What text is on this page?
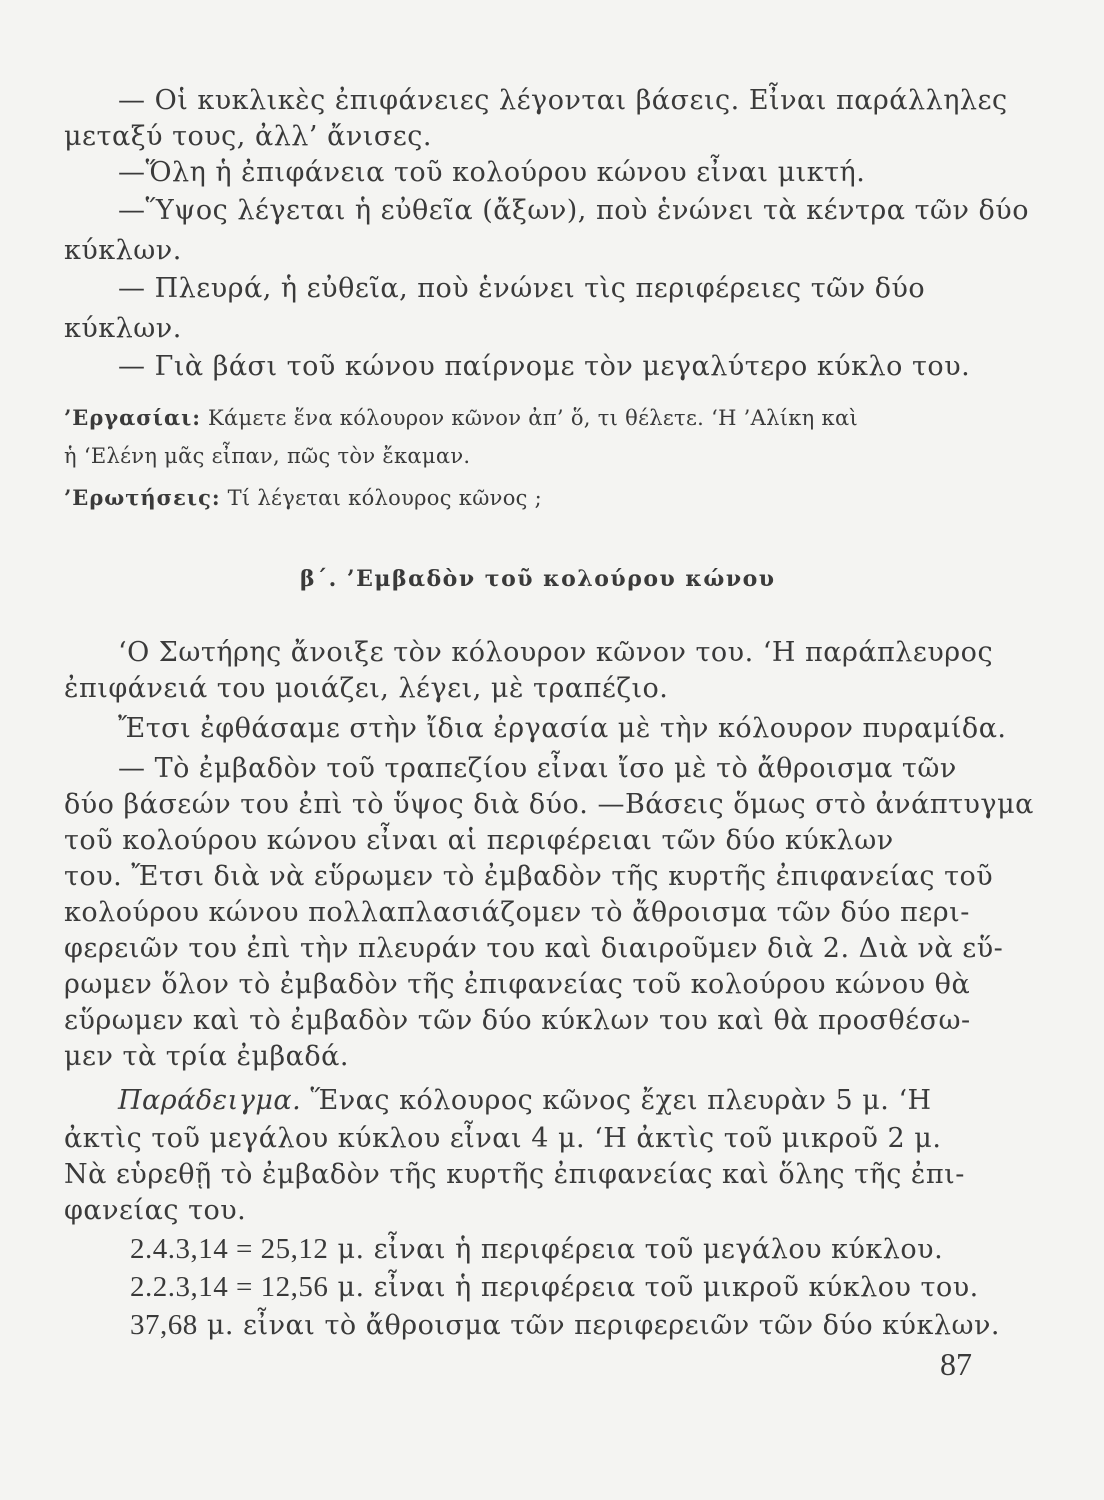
— Οἱ κυκλικὲς ἐπιφάνειες λέγονται βάσεις. Εἶναι παράλληλες
μεταξύ τους, ἀλλ’ ἄνισες.
—Ὅλη ἡ ἐπιφάνεια τοῦ κολούρου κώνου εἶναι μικτή.
—Ὕψος λέγεται ἡ εὐθεῖα (ἄξων), ποὺ ἑνώνει τὰ κέντρα τῶν δύο
κύκλων.
— Πλευρά, ἡ εὐθεῖα, ποὺ ἑνώνει τὶς περιφέρειες τῶν δύο
κύκλων.
— Γιὰ βάσι τοῦ κώνου παίρνομε τὸν μεγαλύτερο κύκλο του.
’Εργασίαι: Κάμετε ἕνα κόλουρον κῶνον ἀπ’ ὅ, τι θέλετε. ‘Η ’Αλίκη καὶ
ἡ ‘Ελένη μᾶς εἶπαν, πῶς τὸν ἔκαμαν.
’Ερωτήσεις: Τί λέγεται κόλουρος κῶνος ;
β΄. ’Εμβαδὸν τοῦ κολούρου κώνου
‘Ο Σωτήρης ἄνοιξε τὸν κόλουρον κῶνον του. ‘Η παράπλευρος
ἐπιφάνειά του μοιάζει, λέγει, μὲ τραπέζιο.
Ἔτσι ἐφθάσαμε στὴν ἴδια ἐργασία μὲ τὴν κόλουρον πυραμίδα.
— Τὸ ἐμβαδὸν τοῦ τραπεζίου εἶναι ἴσο μὲ τὸ ἄθροισμα τῶν
δύο βάσεών του ἐπὶ τὸ ὕψος διὰ δύο. —Βάσεις ὅμως στὸ ἀνάπτυγμα
τοῦ κολούρου κώνου εἶναι αἱ περιφέρειαι τῶν δύο κύκλων
του. Ἔτσι διὰ νὰ εὕρωμεν τὸ ἐμβαδὸν τῆς κυρτῆς ἐπιφανείας τοῦ
κολούρου κώνου πολλαπλασιάζομεν τὸ ἄθροισμα τῶν δύο περι-
φερειῶν του ἐπὶ τὴν πλευράν του καὶ διαιροῦμεν διὰ 2. Διὰ νὰ εὕ-
ρωμεν ὅλον τὸ ἐμβαδὸν τῆς ἐπιφανείας τοῦ κολούρου κώνου θὰ
εὕρωμεν καὶ τὸ ἐμβαδὸν τῶν δύο κύκλων του καὶ θὰ προσθέσω-
μεν τὰ τρία ἐμβαδά.
Παράδειγμα. Ἕνας κόλουρος κῶνος ἔχει πλευρὰν 5 μ. ‘Η
ἀκτὶς τοῦ μεγάλου κύκλου εἶναι 4 μ. ‘Η ἀκτὶς τοῦ μικροῦ 2 μ.
Νὰ εὑρεθῇ τὸ ἐμβαδὸν τῆς κυρτῆς ἐπιφανείας καὶ ὅλης τῆς ἐπι-
φανείας του.
2.4.3,14 = 25,12 μ. εἶναι ἡ περιφέρεια τοῦ μεγάλου κύκλου.
2.2.3,14 = 12,56 μ. εἶναι ἡ περιφέρεια τοῦ μικροῦ κύκλου του.
37,68 μ. εἶναι τὸ ἄθροισμα τῶν περιφερειῶν τῶν δύο κύκλων.
87
